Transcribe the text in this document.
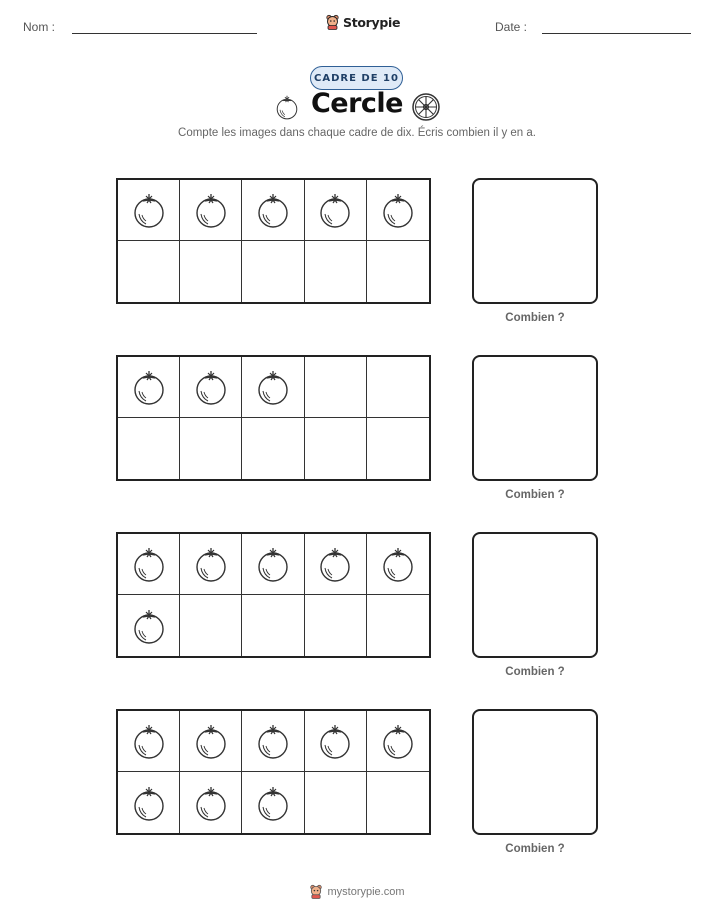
Nom :	Storypie	Date :
CADRE DE 10
Cercle
Compte les images dans chaque cadre de dix. Écris combien il y en a.
Combien ?
Combien ?
Combien ?
Combien ?
mystorypie.com
